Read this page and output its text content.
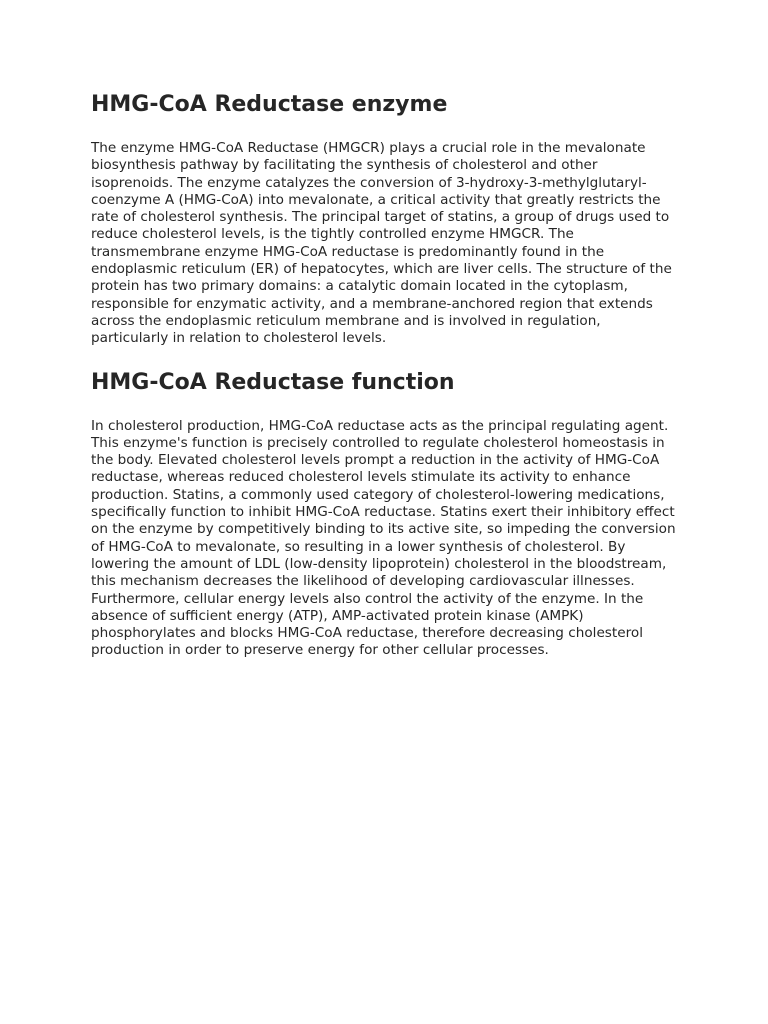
HMG-CoA Reductase enzyme

The enzyme HMG-CoA Reductase (HMGCR) plays a crucial role in the mevalonate biosynthesis pathway by facilitating the synthesis of cholesterol and other isoprenoids. The enzyme catalyzes the conversion of 3-hydroxy-3-methylglutaryl-coenzyme A (HMG-CoA) into mevalonate, a critical activity that greatly restricts the rate of cholesterol synthesis. The principal target of statins, a group of drugs used to reduce cholesterol levels, is the tightly controlled enzyme HMGCR. The transmembrane enzyme HMG-CoA reductase is predominantly found in the endoplasmic reticulum (ER) of hepatocytes, which are liver cells. The structure of the protein has two primary domains: a catalytic domain located in the cytoplasm, responsible for enzymatic activity, and a membrane-anchored region that extends across the endoplasmic reticulum membrane and is involved in regulation, particularly in relation to cholesterol levels.

HMG-CoA Reductase function

In cholesterol production, HMG-CoA reductase acts as the principal regulating agent. This enzyme's function is precisely controlled to regulate cholesterol homeostasis in the body. Elevated cholesterol levels prompt a reduction in the activity of HMG-CoA reductase, whereas reduced cholesterol levels stimulate its activity to enhance production. Statins, a commonly used category of cholesterol-lowering medications, specifically function to inhibit HMG-CoA reductase. Statins exert their inhibitory effect on the enzyme by competitively binding to its active site, so impeding the conversion of HMG-CoA to mevalonate, so resulting in a lower synthesis of cholesterol. By lowering the amount of LDL (low-density lipoprotein) cholesterol in the bloodstream, this mechanism decreases the likelihood of developing cardiovascular illnesses. Furthermore, cellular energy levels also control the activity of the enzyme. In the absence of sufficient energy (ATP), AMP-activated protein kinase (AMPK) phosphorylates and blocks HMG-CoA reductase, therefore decreasing cholesterol production in order to preserve energy for other cellular processes.
